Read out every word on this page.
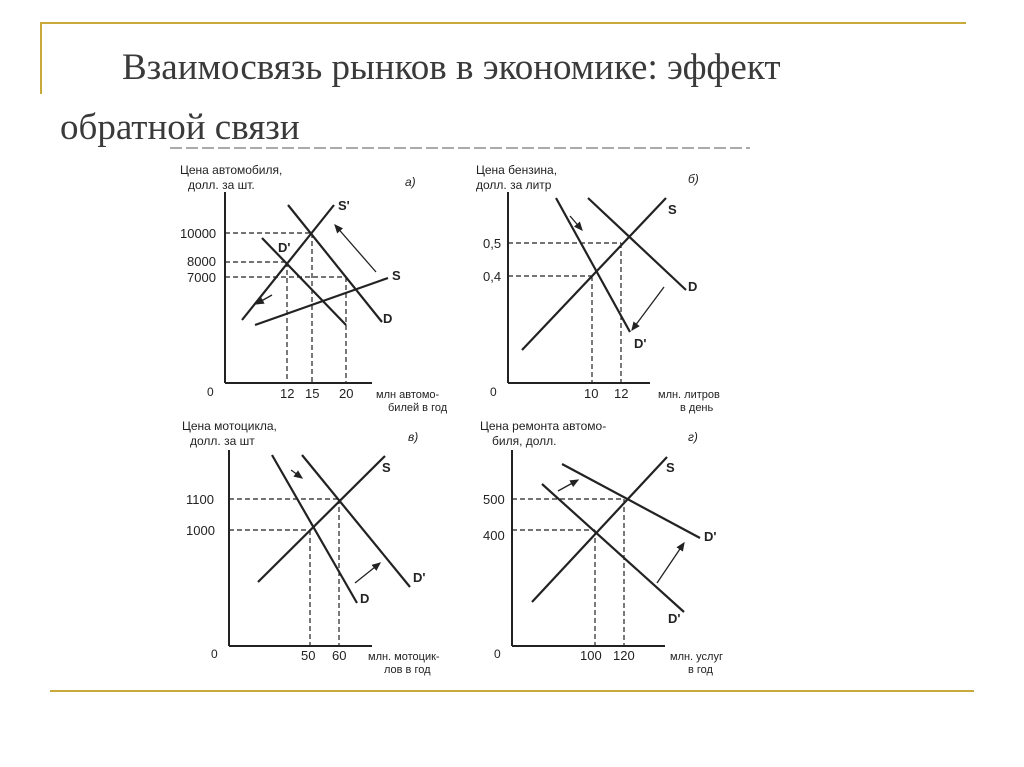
Взаимосвязь рынков в экономике: эффект
обратной связи
Цена автомобиля,
долл. за шт.	а)
0
S'
D'
S
D
10000
8000
7000
12 15 20 млн автомо-
билей в год
Цена бензина,
долл. за литр	б)
0
S
D
D'
0,5
0,4
10 12	млн. литров
в день
Цена мотоцикла,
долл. за шт	в)
0
S
D'
D
1100
1000
50 60 млн. мотоцик-
лов в год
Цена ремонта автомо-
биля, долл.	г)
0
S
D'
D'
500
400
100 120	млн. услуг
в год
